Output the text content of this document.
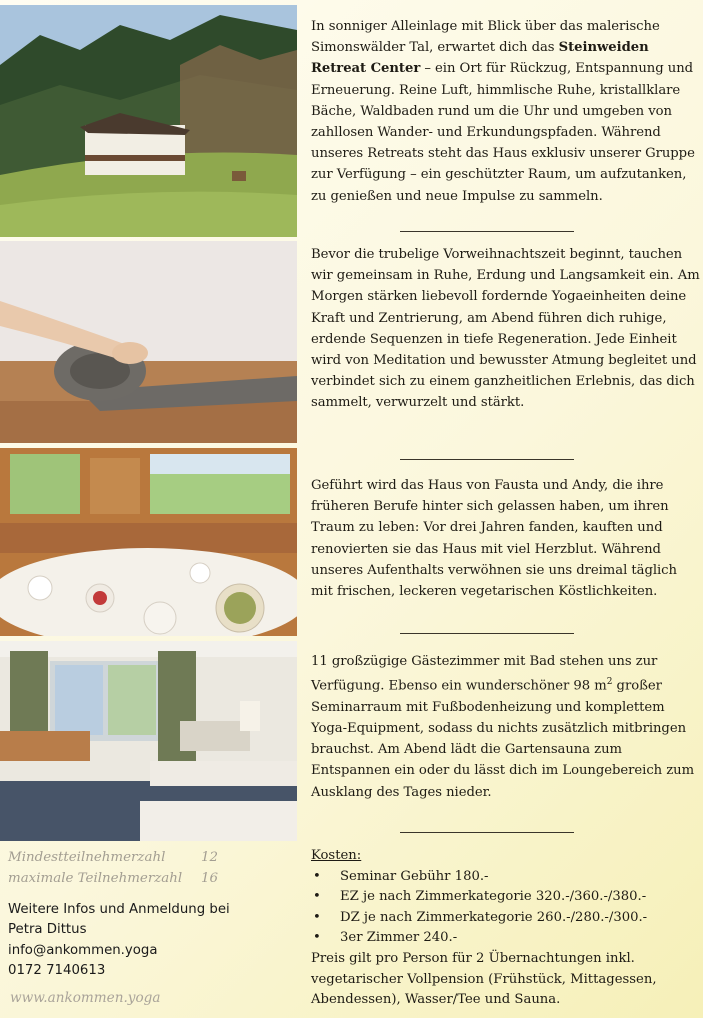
In sonniger Alleinlage mit Blick über das malerische Simonswälder Tal, erwartet dich das Steinweiden Retreat Center – ein Ort für Rückzug, Entspannung und Erneuerung. Reine Luft, himmlische Ruhe, kristallklare Bäche, Waldbaden rund um die Uhr und umgeben von zahllosen Wander- und Erkundungspfaden. Während unseres Retreats steht das Haus exklusiv unserer Gruppe zur Verfügung – ein geschützter Raum, um aufzutanken, zu genießen und neue Impulse zu sammeln.

Bevor die trubelige Vorweihnachtszeit beginnt, tauchen wir gemeinsam in Ruhe, Erdung und Langsamkeit ein. Am Morgen stärken liebevoll fordernde Yogaeinheiten deine Kraft und Zentrierung, am Abend führen dich ruhige, erdende Sequenzen in tiefe Regeneration. Jede Einheit wird von Meditation und bewusster Atmung begleitet und verbindet sich zu einem ganzheitlichen Erlebnis, das dich sammelt, verwurzelt und stärkt.

Geführt wird das Haus von Fausta und Andy, die ihre früheren Berufe hinter sich gelassen haben, um ihren Traum zu leben: Vor drei Jahren fanden, kauften und renovierten sie das Haus mit viel Herzblut. Während unseres Aufenthalts verwöhnen sie uns dreimal täglich mit frischen, leckeren vegetarischen Köstlichkeiten.

11 großzügige Gästezimmer mit Bad stehen uns zur Verfügung. Ebenso ein wunderschöner 98 $m^2$ großer Seminarraum mit Fußbodenheizung und komplettem Yoga-Equipment, sodass du nichts zusätzlich mitbringen brauchst. Am Abend lädt die Gartensauna zum Entspannen ein oder du lässt dich im Loungebereich zum Ausklang des Tages nieder.

Kosten:
• Seminar Gebühr 180.-
• EZ je nach Zimmerkategorie 320.-/360.-/380.-
• DZ je nach Zimmerkategorie 260.-/280.-/300.-
• 3er Zimmer 240.-

Preis gilt pro Person für 2 Übernachtungen inkl. vegetarischer Vollpension (Frühstück, Mittagessen, Abendessen), Wasser/Tee und Sauna.

Mindestteilnehmerzahl	12
maximale Teilnehmerzahl 16
Weitere Infos und Anmeldung bei
Petra Dittus
info@ankommen.yoga
0172 7140613
www.ankommen.yoga
